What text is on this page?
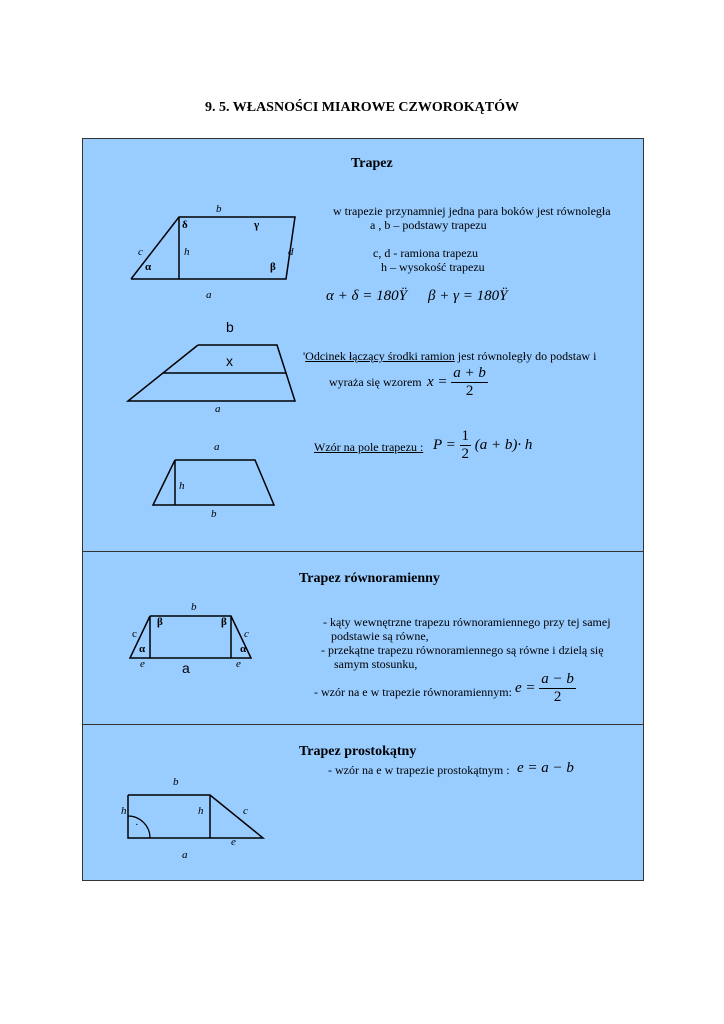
9. 5. WŁASNOŚCI MIAROWE CZWOROKĄTÓW
Trapez
b
δ	γ
c	h	d
α	β
a
w trapezie przynamniej jedna para boków jest równoległa
a , b – podstawy trapezu
c, d - ramiona trapezu
h – wysokość trapezu
α + δ = 180Ÿ β + γ = 180Ÿ
b
x
a
'Odcinek łączący środki ramion jest równoległy do podstaw i
wyraża się wzorem $x = \frac{a + b}{2}$
a
h
b
Wzór na pole trapezu : $P = \frac{1}{2} (a + b)\cdot h$
Trapez równoramienny
b
β	β
c	c
α	α
e	a	e
- kąty wewnętrzne trapezu równoramiennego przy tej samej
podstawie są równe,
- przekątne trapezu równoramiennego są równe i dzielą się
samym stosunku,
- wzór na e w trapezie równoramiennym: $e = \frac{a - b}{2}$
Trapez prostokątny
- wzór na e w trapezie prostokątnym : e = a − b
b
h	h	c
·
e
a
